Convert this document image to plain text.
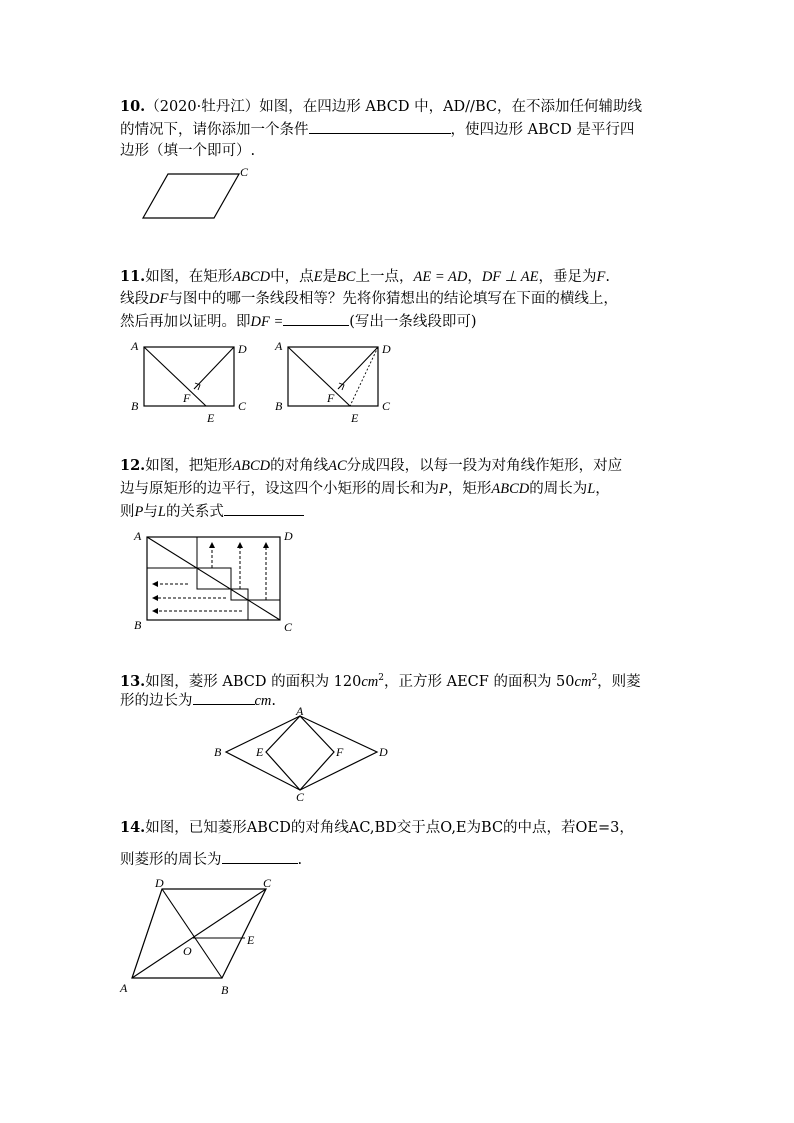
10.（2020·牡丹江）如图，在四边形 ABCD 中，AD//BC，在不添加任何辅助线
的情况下，请你添加一个条件	，使四边形 ABCD 是平行四
边形（填一个即可）.
C
11.如图，在矩形ABCD中，点E是BC上一点，AE = AD，DF ⊥ AE，垂足为F.
线段DF与图中的哪一条线段相等？先将你猜想出的结论填写在下面的横线上，
然后再加以证明。即DF =	(写出一条线段即可)
A	D
B	C
F
E
A	D
B	C
F
E
12.如图，把矩形ABCD的对角线AC分成四段，以每一段为对角线作矩形，对应
边与原矩形的边平行，设这四个小矩形的周长和为P，矩形ABCD的周长为L，
则P与L的关系式
A	D
B	C
13.如图，菱形 ABCD 的面积为 $120cm^2$，正方形 AECF 的面积为 $50cm^2$，则菱
形的边长为	cm.
A
B	E	F	D
C
14.如图，已知菱形ABCD的对角线AC,BD交于点O,E为BC的中点，若OE=3，
则菱形的周长为	.
D	C
E
O
A	B
